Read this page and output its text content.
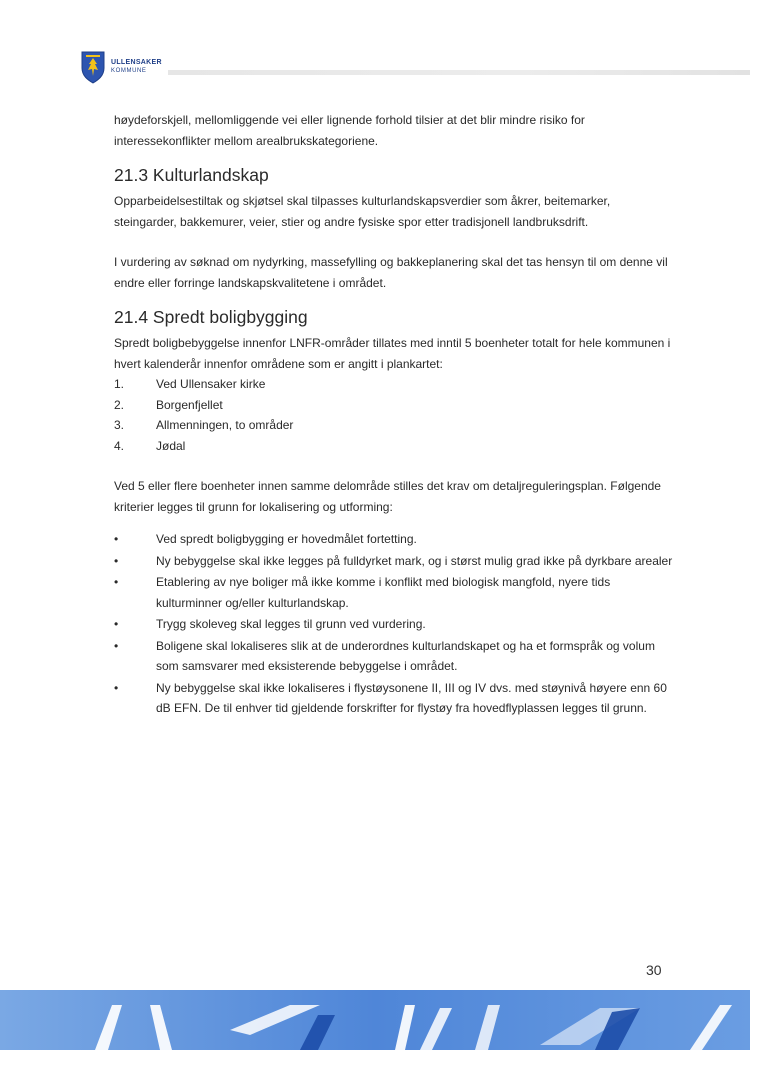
ULLENSAKER
KOMMUNE

høydeforskjell, mellomliggende vei eller lignende forhold tilsier at det blir mindre risiko for interessekonflikter mellom arealbrukskategoriene.

21.3 Kulturlandskap

Opparbeidelsestiltak og skjøtsel skal tilpasses kulturlandskapsverdier som åkrer, beitemarker, steingarder, bakkemurer, veier, stier og andre fysiske spor etter tradisjonell landbruksdrift.

I vurdering av søknad om nydyrking, massefylling og bakkeplanering skal det tas hensyn til om denne vil endre eller forringe landskapskvalitetene i området.

21.4 Spredt boligbygging

Spredt boligbebyggelse innenfor LNFR-områder tillates med inntil 5 boenheter totalt for hele kommunen i hvert kalenderår innenfor områdene som er angitt i plankartet:

1.	Ved Ullensaker kirke
2.	Borgenfjellet
3.	Allmenningen, to områder
4.	Jødal

Ved 5 eller flere boenheter innen samme delområde stilles det krav om detaljreguleringsplan. Følgende kriterier legges til grunn for lokalisering og utforming:

•	Ved spredt boligbygging er hovedmålet fortetting.
•	Ny bebyggelse skal ikke legges på fulldyrket mark, og i størst mulig grad ikke på dyrkbare arealer
•	Etablering av nye boliger må ikke komme i konflikt med biologisk mangfold, nyere tids kulturminner og/eller kulturlandskap.
•	Trygg skoleveg skal legges til grunn ved vurdering.
•	Boligene skal lokaliseres slik at de underordnes kulturlandskapet og ha et formspråk og volum som samsvarer med eksisterende bebyggelse i området.
•	Ny bebyggelse skal ikke lokaliseres i flystøysonene II, III og IV dvs. med støynivå høyere enn 60 dB EFN. De til enhver tid gjeldende forskrifter for flystøy fra hovedflyplassen legges til grunn.
30
